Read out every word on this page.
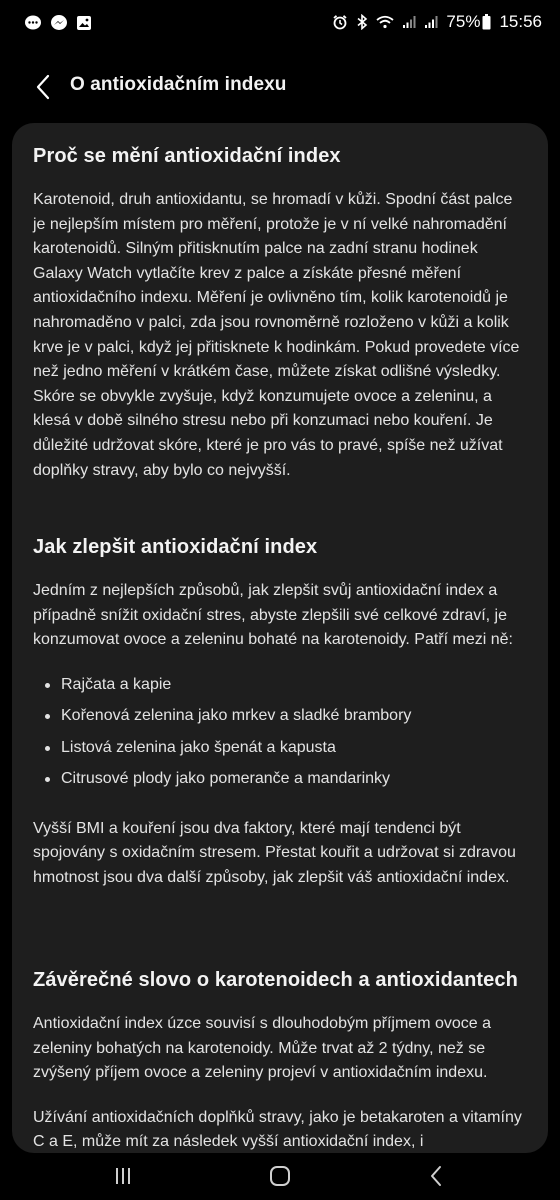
75% 15:56
O antioxidačním indexu
Proč se mění antioxidační index

Karotenoid, druh antioxidantu, se hromadí v kůži. Spodní část palce je nejlepším místem pro měření, protože je v ní velké nahromadění karotenoidů. Silným přitisknutím palce na zadní stranu hodinek Galaxy Watch vytlačíte krev z palce a získáte přesné měření antioxidačního indexu. Měření je ovlivněno tím, kolik karotenoidů je nahromaděno v palci, zda jsou rovnoměrně rozloženo v kůži a kolik krve je v palci, když jej přitisknete k hodinkám. Pokud provedete více než jedno měření v krátkém čase, můžete získat odlišné výsledky. Skóre se obvykle zvyšuje, když konzumujete ovoce a zeleninu, a klesá v době silného stresu nebo při konzumaci nebo kouření. Je důležité udržovat skóre, které je pro vás to pravé, spíše než užívat doplňky stravy, aby bylo co nejvyšší.

Jak zlepšit antioxidační index

Jedním z nejlepších způsobů, jak zlepšit svůj antioxidační index a případně snížit oxidační stres, abyste zlepšili své celkové zdraví, je konzumovat ovoce a zeleninu bohaté na karotenoidy. Patří mezi ně:

Rajčata a kapie
Kořenová zelenina jako mrkev a sladké brambory
Listová zelenina jako špenát a kapusta
Citrusové plody jako pomeranče a mandarinky

Vyšší BMI a kouření jsou dva faktory, které mají tendenci být spojovány s oxidačním stresem. Přestat kouřit a udržovat si zdravou hmotnost jsou dva další způsoby, jak zlepšit váš antioxidační index.

Závěrečné slovo o karotenoidech a antioxidantech

Antioxidační index úzce souvisí s dlouhodobým příjmem ovoce a zeleniny bohatých na karotenoidy. Může trvat až 2 týdny, než se zvýšený příjem ovoce a zeleniny projeví v antioxidačním indexu.

Užívání antioxidačních doplňků stravy, jako je betakaroten a vitamíny C a E, může mít za následek vyšší antioxidační index, i
